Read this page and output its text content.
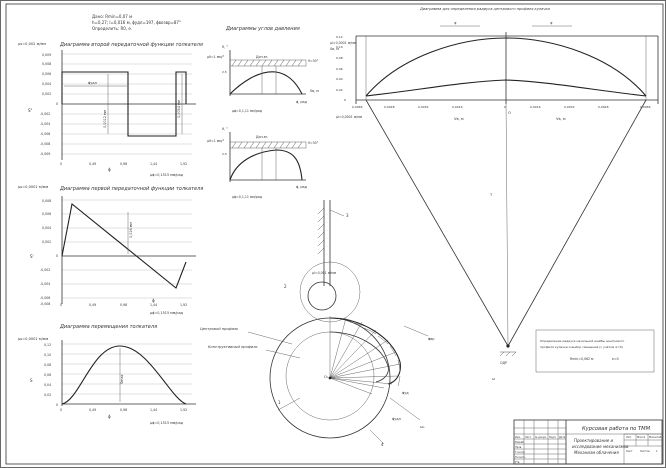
Дано: Rmin=0,07 м
h=0,27; l=0,016 м, ϕудл=197, ϕвозвр=87°
Определить: R0, e.
Диаграмма второй передаточной функции толкателя
μs=0,002 м/мм
S"
0,009
0,008
0,006
0,004
0,002
0
-0,002
-0,004
-0,006
-0,008
-0,009
ϕудл
0,0012 мм
0,0054 мм
0	0,49	0,98	1,44	1,92
ϕ
μϕ=0,1515 мм/рад
Диаграмма первой передаточной функции толкателя
μs=0,0001 м/мм
S'
0,008
0,006
0,004
0,002
0
-0,002
-0,004
-0,006
-0,008
0,016 мм
0	0,49	0,98	1,44	1,92
ϕ
μϕ=0,1515 мм/рад
Диаграмма перемещения толкателя
μs=0,0001 м/мм
S
0,12
0,10
0,08
0,06
0,04
0,02
0
Smax
0	0,49	0,98	1,44	1,92
ϕ
μϕ=0,1515 мм/рад
Диаграммы углов давления
ϑ, °
μϑ=1 мм/°	Доп.зн.
ϑ=30°
2,5
μϕ=0,1,11 мм/рад
ϕ, рад
Sв, м
ϑ, °
μϑ=1 мм/°
Доп.зн.
ϑ=30°
2,5
μϕ=0,1,11 мм/рад
ϕ, рад
3
μl=0,001 м/мм
2
1
4
O₁
Центровой профиль
Конструктивный профиль
ϕвр
ω₁
ϕудл
ϕуд
Диаграмма для определения радиуса центрового профиля кулачка
μl=0,0001 м/мм
Sв, м
0,12
0,10
0,08
0,06
0,04
0,02
0
ψ	ψ
0,0066	0,0048	0,0032	0,0016	0	0,0016	0,0032	0,0048	0,0066
μl=0,0001 м/мм	Vв, м	Vв, м
O
Т
OДР
ω
Определение радиуса начальной шайбы центрового
профиля кулачка и выбор смещения (с учётом α=0)
Rmin=0,062 м	e=0
Курсовая работа по ТММ
Проектирование и
исследование механизмов
Механизм облачения
Лит. Масса Масштаб
Лист	Листов 1
Изм. Лист № докум. Подп. Дата
Разраб.
Пров.
Т.контр.
Н.контр.
Утв.
